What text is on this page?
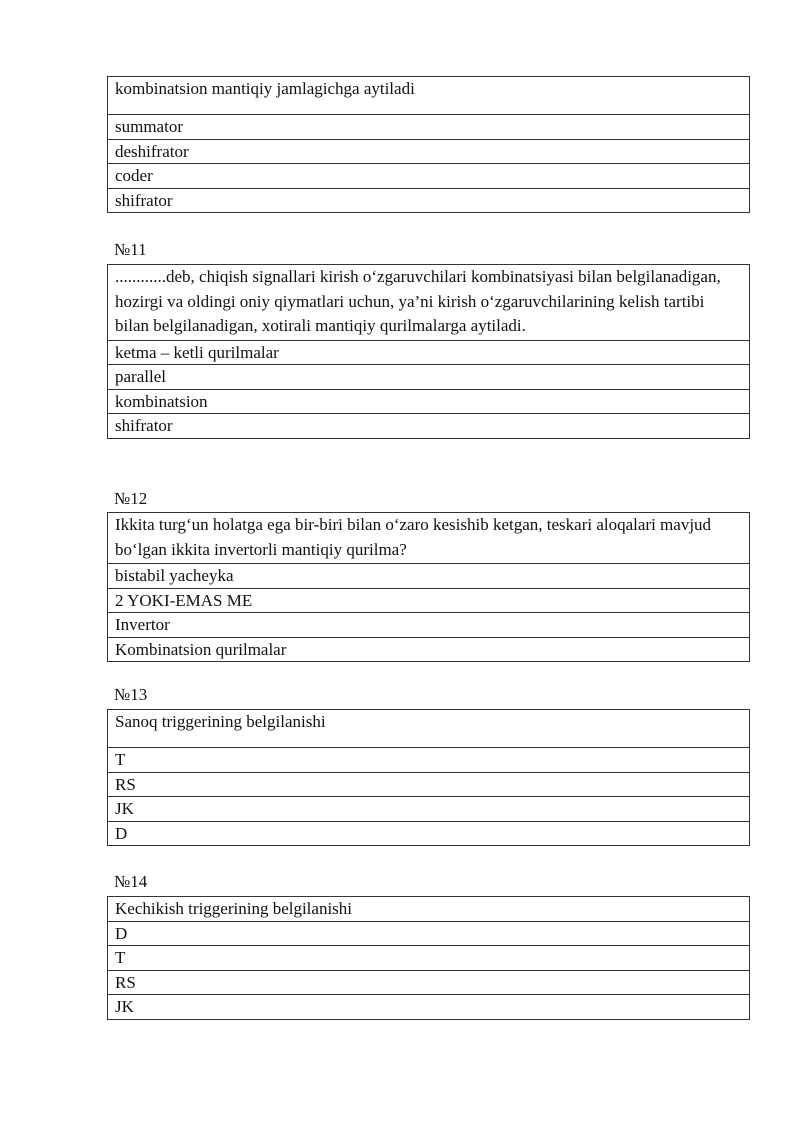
kombinatsion mantiqiy jamlagichga aytiladi
summator
deshifrator
coder
shifrator
№11
............deb, chiqish signallari kirish o‘zgaruvchilari kombinatsiyasi bilan belgilanadigan, hozirgi va oldingi oniy qiymatlari uchun, ya’ni kirish o‘zgaruvchilarining kelish tartibi bilan belgilanadigan, xotirali mantiqiy qurilmalarga aytiladi.
ketma – ketli qurilmalar
parallel
kombinatsion
shifrator
№12
Ikkita turg‘un holatga ega bir-biri bilan o‘zaro kesishib ketgan, teskari aloqalari mavjud bo‘lgan ikkita invertorli mantiqiy qurilma?
bistabil yacheyka
2 YOKI-EMAS ME
Invertor
Kombinatsion qurilmalar
№13
Sanoq triggerining belgilanishi
T
RS
JK
D
№14
Kechikish triggerining belgilanishi
D
T
RS
JK
